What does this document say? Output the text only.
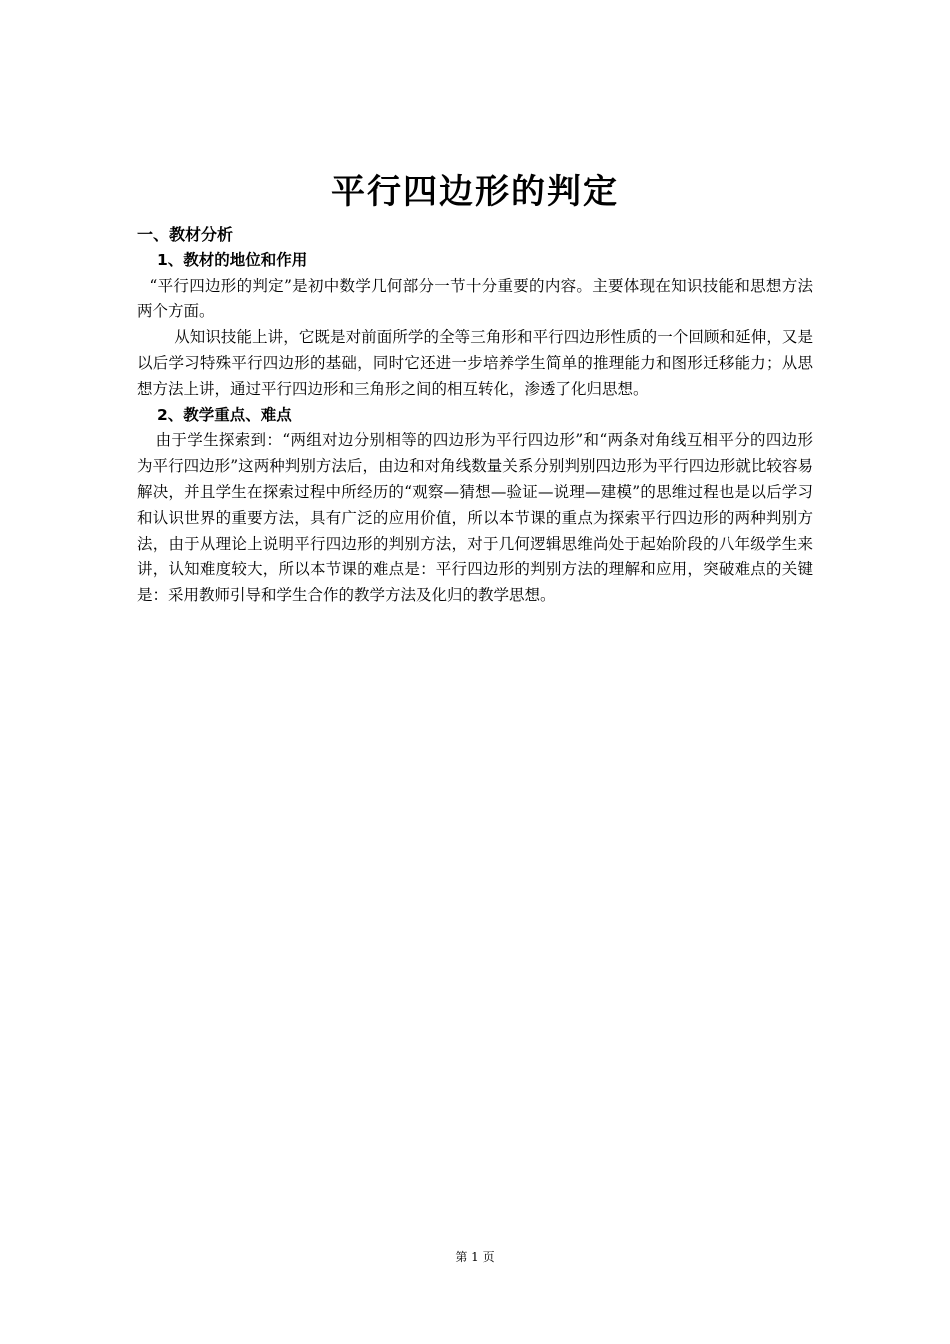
平行四边形的判定
一、教材分析
1、教材的地位和作用

“平行四边形的判定”是初中数学几何部分一节十分重要的内容。主要体现在知识技能和思想方法两个方面。

从知识技能上讲，它既是对前面所学的全等三角形和平行四边形性质的一个回顾和延伸，又是以后学习特殊平行四边形的基础，同时它还进一步培养学生简单的推理能力和图形迁移能力；从思想方法上讲，通过平行四边形和三角形之间的相互转化，渗透了化归思想。

2、教学重点、难点

由于学生探索到：“两组对边分别相等的四边形为平行四边形”和“两条对角线互相平分的四边形为平行四边形”这两种判别方法后，由边和对角线数量关系分别判别四边形为平行四边形就比较容易解决，并且学生在探索过程中所经历的“观察—猜想—验证—说理—建模”的思维过程也是以后学习和认识世界的重要方法，具有广泛的应用价值，所以本节课的重点为探索平行四边形的两种判别方法，由于从理论上说明平行四边形的判别方法，对于几何逻辑思维尚处于起始阶段的八年级学生来讲，认知难度较大，所以本节课的难点是：平行四边形的判别方法的理解和应用，突破难点的关键是：采用教师引导和学生合作的教学方法及化归的教学思想。

第 1 页
